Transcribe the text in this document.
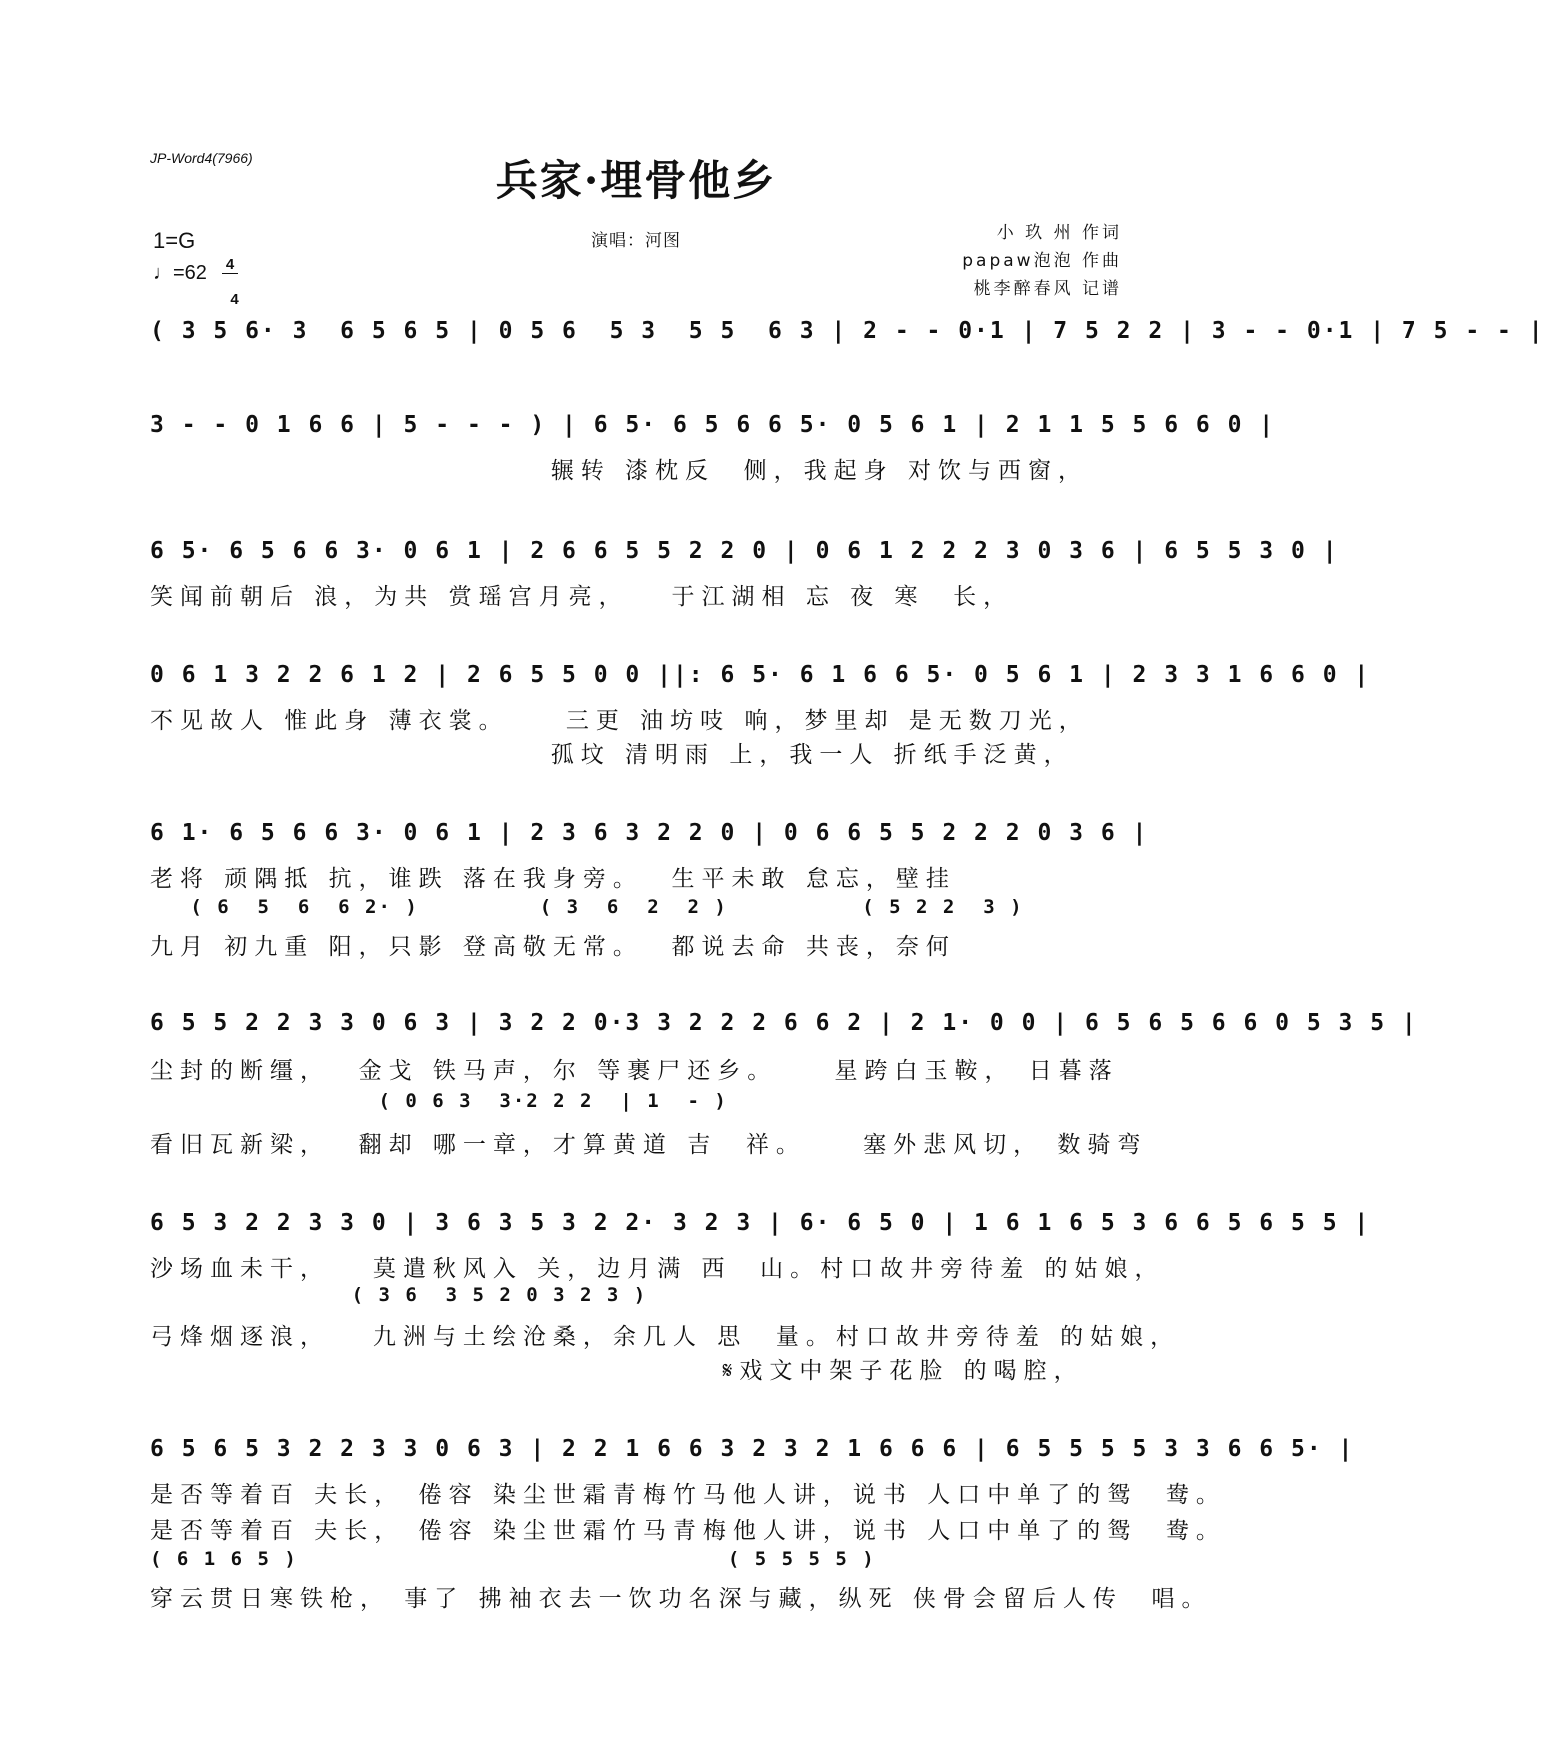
JP-Word4(7966)	兵家·埋骨他乡
1=G

4

4

♩=62
演唱：河图	小 玖 州 作词
papaw泡泡 作曲
桃李醉春风 记谱
( 3 5 6· 3  6 5 6 5 | 0 5 6  5 3  5 5  6 3 | 2 - - 0·1 | 7 5 2 2 | 3 - - 0·1 | 7 5 - - |
3 - - 0 1 6 6 | 5 - - - ) | 6 5· 6 5 6 6 5· 0 5 6 1 | 2 1 1 5 5 6 6 0 |
辗转 漆枕反  侧，我起身 对饮与西窗，
6 5· 6 5 6 6 3· 0 6 1 | 2 6 6 5 5 2 2 0 | 0 6 1 2 2 2 3 0 3 6 | 6 5 5 3 0 |
笑闻前朝后 浪，为共 赏瑶宫月亮，   于江湖相 忘 夜 寒  长，
0 6 1 3 2 2 6 1 2 | 2 6 5 5 0 0 ||: 6 5· 6 1 6 6 5· 0 5 6 1 | 2 3 3 1 6 6 0 |
不见故人 惟此身 薄衣裳。    三更 油坊吱 响，梦里却 是无数刀光，
孤坟 清明雨 上，我一人 折纸手泛黄，
6 1· 6 5 6 6 3· 0 6 1 | 2 3 6 3 2 2 0 | 0 6 6 5 5 2 2 2 0 3 6 |
老将 顽隅抵 抗，谁跌 落在我身旁。  生平未敢 怠忘，壁挂
( 6  5  6  6 2· )         ( 3  6  2  2 )          ( 5 2 2  3 )
九月 初九重 阳，只影 登高敬无常。  都说去命 共丧，奈何
6 5 5 2 2 3 3 0 6 3 | 3 2 2 0·3 3 2 2 2 6 6 2 | 2 1· 0 0 | 6 5 6 5 6 6 0 5 3 5 |
尘封的断缰，  金戈 铁马声，尔 等裹尸还乡。    星跨白玉鞍， 日暮落
( 0 6 3  3·2 2 2  | 1  - )
看旧瓦新梁，  翻却 哪一章，才算黄道 吉  祥。    塞外悲风切， 数骑弯
6 5 3 2 2 3 3 0 | 3 6 3 5 3 2 2· 3 2 3 | 6· 6 5 0 | 1 6 1 6 5 3 6 6 5 6 5 5 |
沙场血未干，   莫遣秋风入 关，边月满 西  山。村口故井旁待羞 的姑娘，
( 3 6  3 5 2 0 3 2 3 )
弓烽烟逐浪，   九洲与土绘沧桑，余几人 思  量。村口故井旁待羞 的姑娘，
𝄋戏文中架子花脸 的喝腔，
6 5 6 5 3 2 2 3 3 0 6 3 | 2 2 1 6 6 3 2 3 2 1 6 6 6 | 6 5 5 5 5 3 3 6 6 5· |
是否等着百 夫长， 倦容 染尘世霜青梅竹马他人讲，说书 人口中单了的鸳  鸯。
是否等着百 夫长， 倦容 染尘世霜竹马青梅他人讲，说书 人口中单了的鸳  鸯。
( 6 1 6 5 )                                ( 5 5 5 5 )
穿云贯日寒铁枪， 事了 拂袖衣去一饮功名深与藏，纵死 侠骨会留后人传  唱。
